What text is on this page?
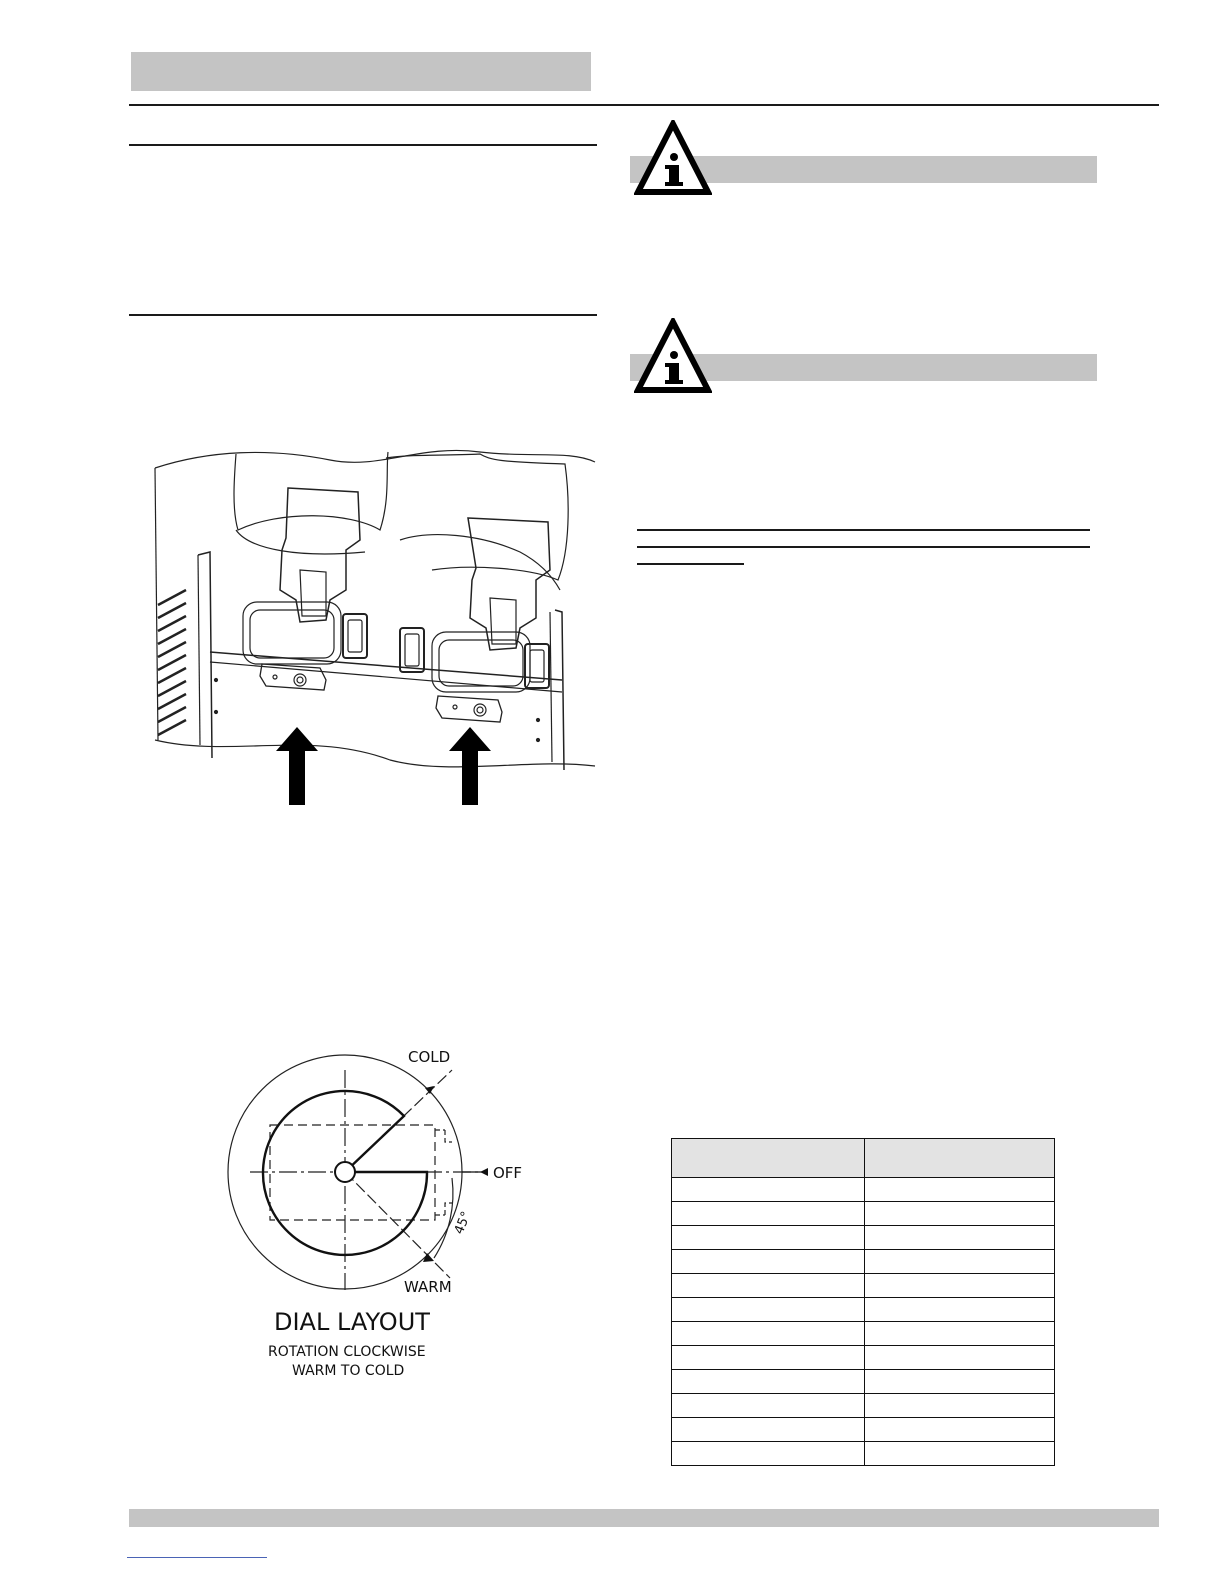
COLD
OFF
WARM
45°
DIAL LAYOUT
ROTATION CLOCKWISE
WARM TO COLD
